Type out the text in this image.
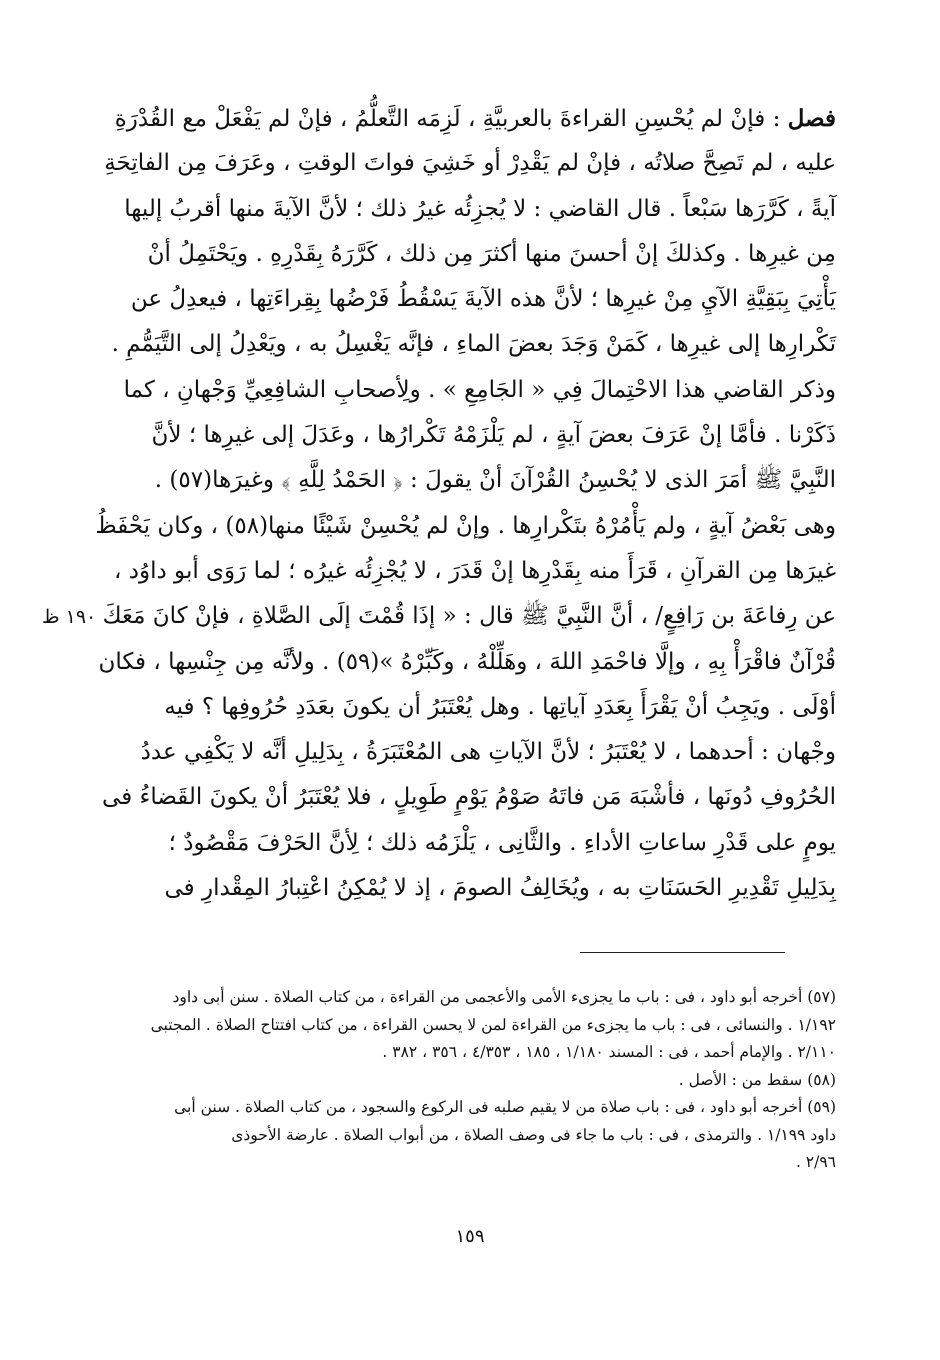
فصل : فإنْ لم يُحْسِنِ القراءةَ بالعربيَّةِ ، لَزِمَه التَّعلُّمُ ، فإنْ لم يَفْعَلْ مع القُدْرَةِ
عليه ، لم تَصِحَّ صلاتُه ، فإنْ لم يَقْدِرْ أو خَشِيَ فواتَ الوقتِ ، وعَرَفَ مِن الفاتِحَةِ
آيةً ، كَرَّرَها سَبْعاً . قال القاضي : لا يُجزِئُه غيرُ ذلك ؛ لأنَّ الآيةَ منها أقربُ إليها
مِن غيرِها . وكذلكَ إنْ أحسنَ منها أكثرَ مِن ذلك ، كَرَّرَهُ بِقَدْرِهِ . ويَحْتَمِلُ أنْ
يَأْتِيَ بِبَقِيَّةِ الآيِ مِنْ غيرِها ؛ لأنَّ هذه الآيةَ يَسْقُطُ فَرْضُها بِقِراءَتِها ، فيعدِلُ عن
تَكْرارِها إلى غيرِها ، كَمَنْ وَجَدَ بعضَ الماءِ ، فإنَّه يَغْسِلُ به ، ويَعْدِلُ إلى التَّيَمُّمِ .
وذكر القاضي هذا الاحْتِمالَ فِي « الجَامِعِ » . ولِأصحابِ الشافِعِيِّ وَجْهانِ ، كما
ذَكَرْنا . فأمَّا إنْ عَرَفَ بعضَ آيةٍ ، لم يَلْزَمْهُ تَكْرارُها ، وعَدَلَ إلى غيرِها ؛ لأنَّ
النَّبِيَّ ﷺ أمَرَ الذى لا يُحْسِنُ القُرْآنَ أنْ يقولَ : ﴿ الحَمْدُ لِلَّهِ ﴾ وغيرَها(٥٧) .
وهى بَعْضُ آيةٍ ، ولم يَأْمُرْهُ بتَكْرارِها . وإنْ لم يُحْسِنْ شَيْئًا منها(٥٨) ، وكان يَحْفَظُ
غيرَها مِن القرآنِ ، قَرَأَ منه بِقَدْرِها إنْ قَدَرَ ، لا يُجْزِئُه غيرُه ؛ لما رَوَى أبو داوُد ،
عن رِفاعَةَ بن رَافِعٍ/ ، أنَّ النَّبِيَّ ﷺ قال : « إذَا قُمْتَ إلَى الصَّلاةِ ، فإنْ كانَ مَعَكَ
قُرْآنٌ فاقْرَأْ بِهِ ، وإلَّا فاحْمَدِ اللهَ ، وهَلِّلْهُ ، وكَبِّرْهُ »(٥٩) . ولأنَّه مِن جِنْسِها ، فكان
أوْلَى . ويَجِبُ أنْ يَقْرَأَ بِعَدَدِ آياتِها . وهل يُعْتَبَرُ أن يكونَ بعَدَدِ حُرُوفِها ؟ فيه
وجْهان : أحدهما ، لا يُعْتَبَرُ ؛ لأنَّ الآياتِ هى المُعْتَبَرَةُ ، بِدَلِيلِ أنَّه لا يَكْفِي عددُ
الحُرُوفِ دُونَها ، فأشْبَهَ مَن فاتَهُ صَوْمُ يَوْمٍ طَوِيلٍ ، فلا يُعْتَبَرُ أنْ يكونَ القَضاءُ فى
يومٍ على قَدْرِ ساعاتِ الأداءِ . والثَّانِى ، يَلْزَمُه ذلك ؛ لِأنَّ الحَرْفَ مَقْصُودٌ ؛
بِدَلِيلِ تَقْدِيرِ الحَسَنَاتِ به ، ويُخَالِفُ الصومَ ، إذ لا يُمْكِنُ اعْتِبارُ المِقْدارِ فى
١٩٠ ظ
(٥٧) أخرجه أبو داود ، فى : باب ما يجزىء الأمى والأعجمى من القراءة ، من كتاب الصلاة . سنن أبى داود
١/١٩٢ . والنسائى ، فى : باب ما يجزىء من القراءة لمن لا يحسن القراءة ، من كتاب افتتاح الصلاة . المجتبى
٢/١١٠ . والإمام أحمد ، فى : المسند ١/١٨٠ ، ١٨٥ ، ٤/٣٥٣ ، ٣٥٦ ، ٣٨٢ .
(٥٨) سقط من : الأصل .
(٥٩) أخرجه أبو داود ، فى : باب صلاة من لا يقيم صلبه فى الركوع والسجود ، من كتاب الصلاة . سنن أبى
داود ١/١٩٩ . والترمذى ، فى : باب ما جاء فى وصف الصلاة ، من أبواب الصلاة . عارضة الأحوذى
٢/٩٦ .
١٥٩
